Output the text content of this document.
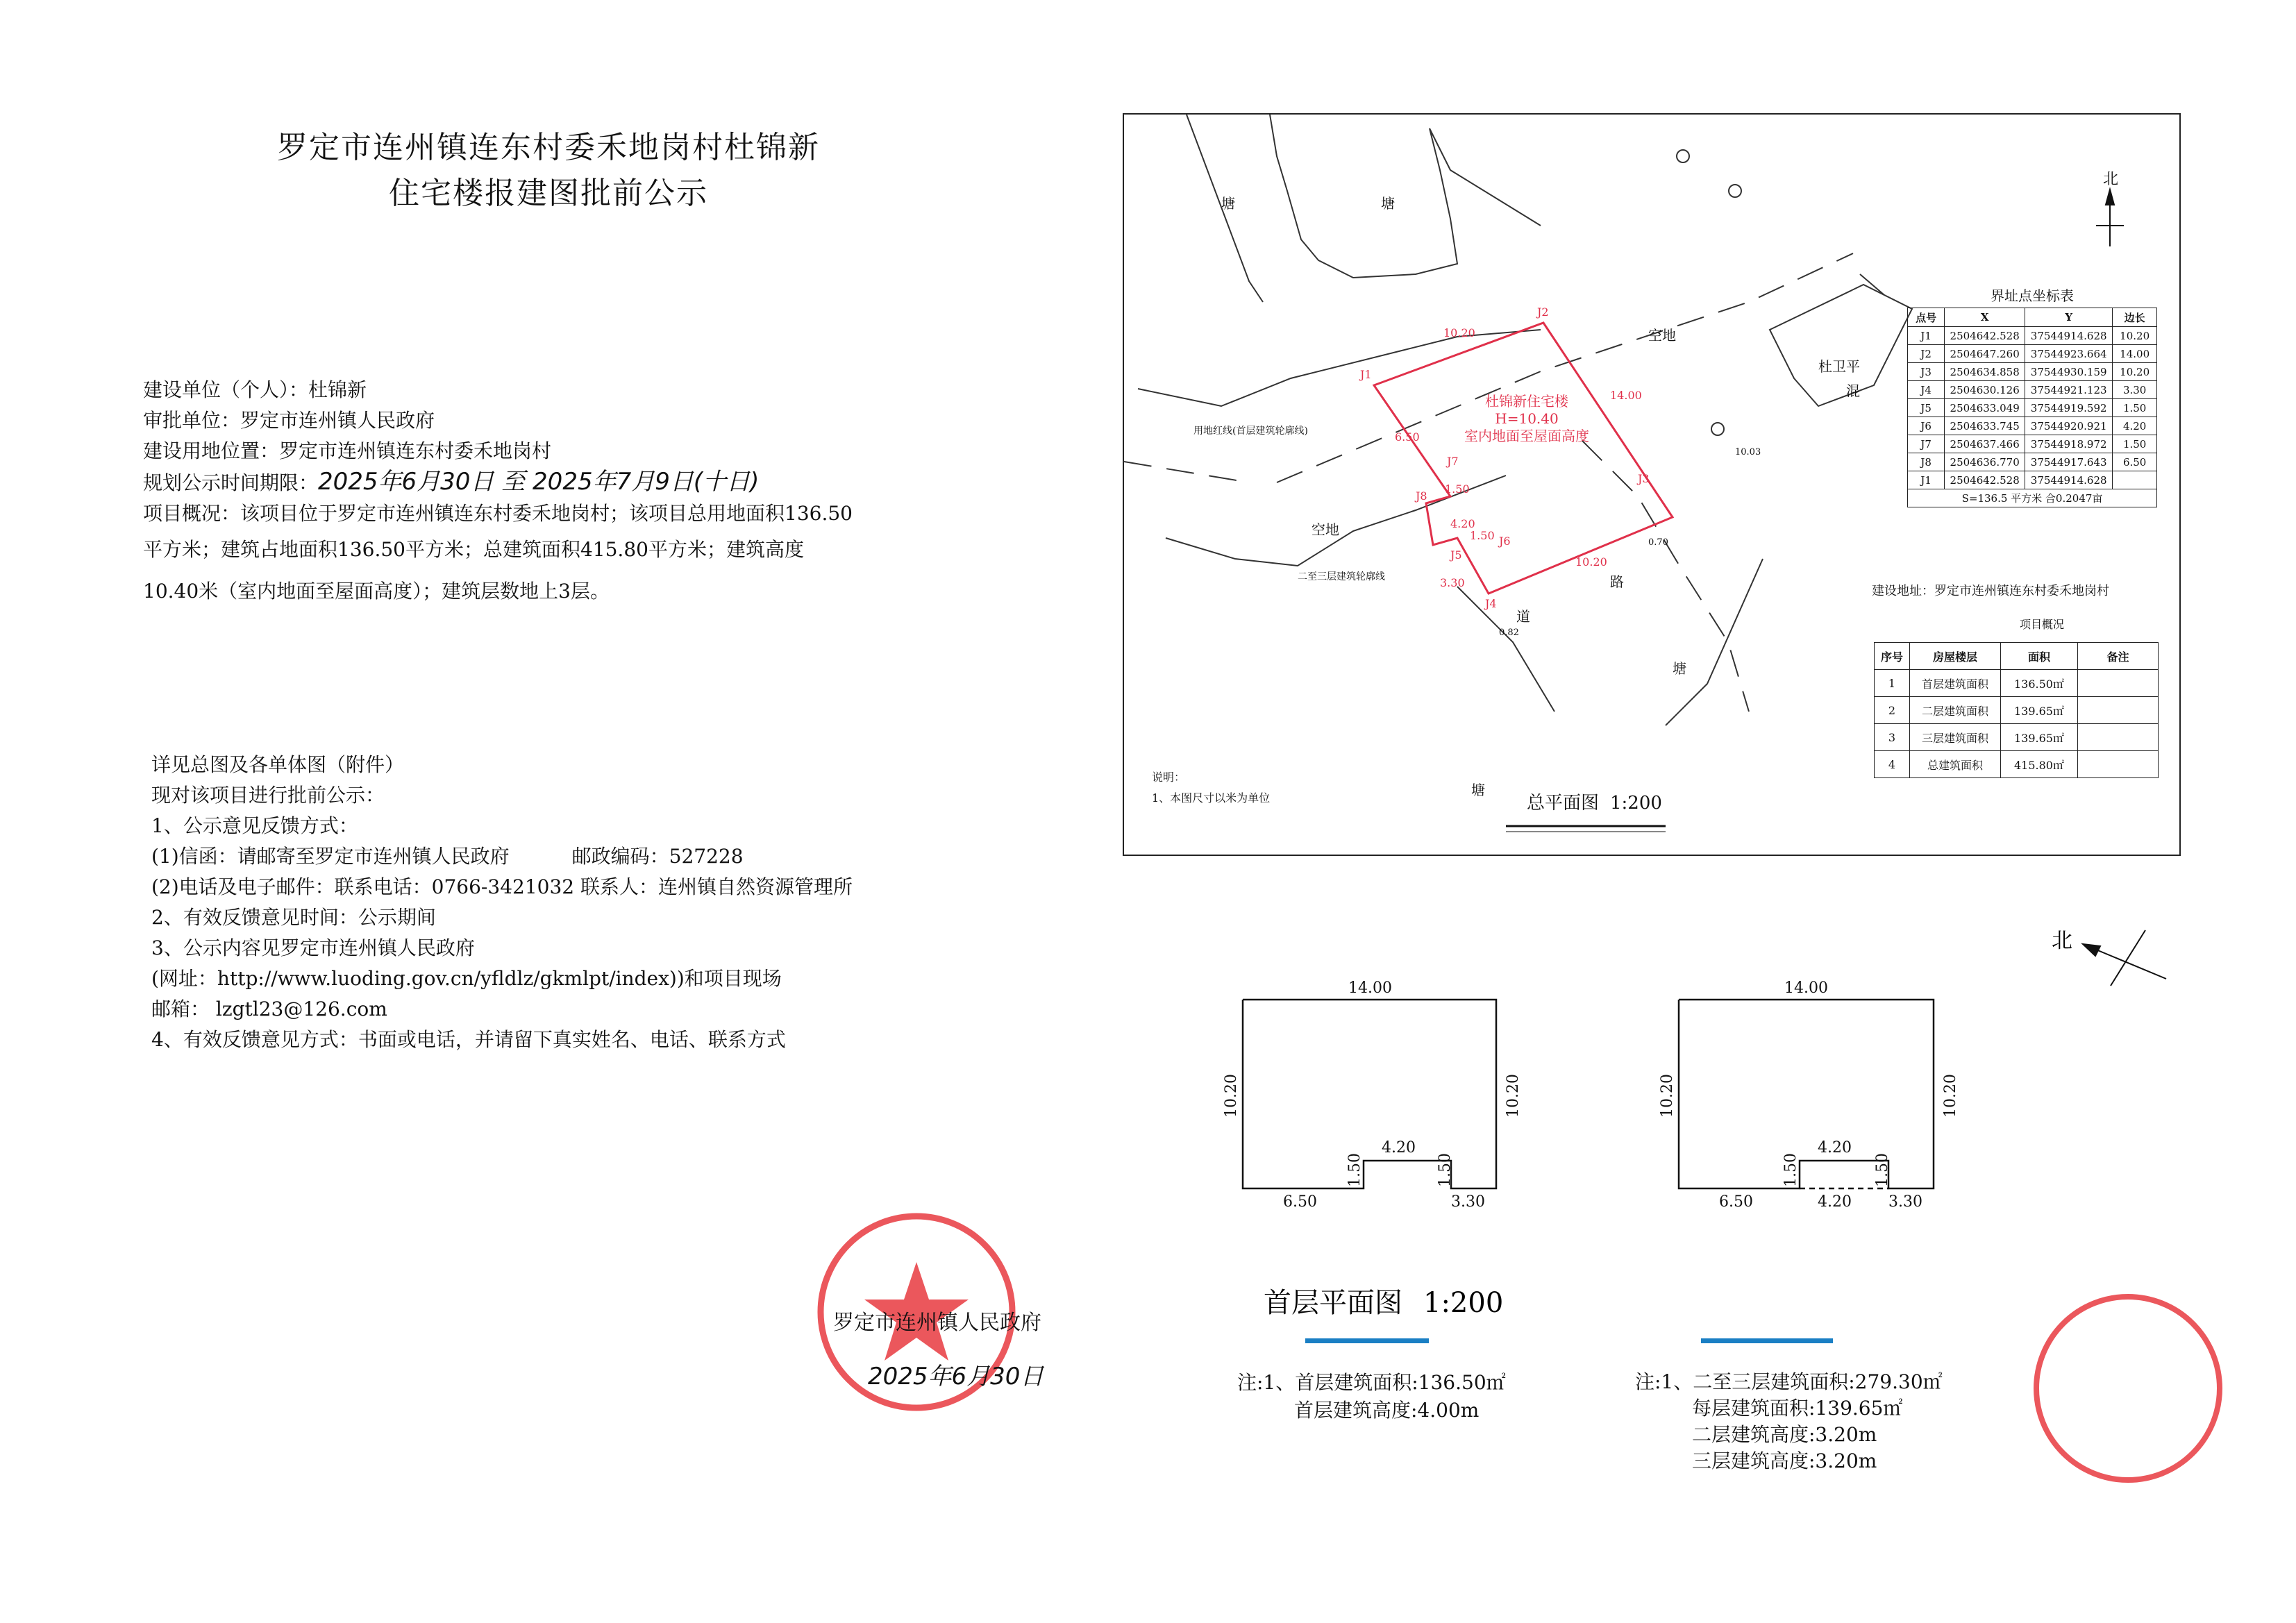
罗定市连州镇连东村委禾地岗村杜锦新
住宅楼报建图批前公示
建设单位（个人）：杜锦新
审批单位：罗定市连州镇人民政府
建设用地位置：罗定市连州镇连东村委禾地岗村
规划公示时间期限：2025年6月30日 至 2025年7月9日(十日)
项目概况：该项目位于罗定市连州镇连东村委禾地岗村；该项目总用地面积136.50
平方米；建筑占地面积136.50平方米；总建筑面积415.80平方米；建筑高度
10.40米（室内地面至屋面高度）；建筑层数地上3层。
详见总图及各单体图（附件）
现对该项目进行批前公示：
1、公示意见反馈方式：
(1)信函：请邮寄至罗定市连州镇人民政府	邮政编码：527228
(2)电话及电子邮件：联系电话：0766-3421032 联系人：连州镇自然资源管理所
2、有效反馈意见时间：公示期间
3、公示内容见罗定市连州镇人民政府
(网址：http://www.luoding.gov.cn/yfldlz/gkmlpt/index))和项目现场
邮箱： lzgtl23@126.com
4、有效反馈意见方式：书面或电话，并请留下真实姓名、电话、联系方式
罗定市连州镇人民政府
2025年6月30日
杜锦新住宅楼
H=10.40
室内地面至屋面高度
塘	塘
塘
塘
空地
空地
杜卫平
混
道
路
用地红线(首层建筑轮廓线)
二至三层建筑轮廓线
北
说明：
1、本图尺寸以米为单位	总平面图 1:200
建设地址：罗定市连州镇连东村委禾地岗村
项目概况
10.20
14.00
10.20
6.50
4.20
1.50
1.50
3.30
J3
J1
J2
J4
J5
J6
J7
J8
0.70
0.82
10.03
界址点坐标表
点号	X	Y	边长
J1	2504642.528	37544914.628	10.20
J2	2504647.260	37544923.664	14.00
J3	2504634.858	37544930.159	10.20
J4	2504630.126	37544921.123	3.30
J5	2504633.049	37544919.592	1.50
J6	2504633.745	37544920.921	4.20
J7	2504637.466	37544918.972	1.50
J8	2504636.770	37544917.643	6.50
J1	2504642.528	37544914.628	
S=136.5 平方米 合0.2047亩			
序号	房屋楼层	面积	备注
1	首层建筑面积	136.50㎡	
2	二层建筑面积	139.65㎡	
3	三层建筑面积	139.65㎡	
4	总建筑面积	415.80㎡	
北
14.00
10.20	10.20
4.20
1.50	1.50
6.50	3.30
14.00
10.20	10.20
4.20
1.50	1.50
6.50	4.20 3.30
首层平面图 1:200
注:1、首层建筑面积:136.50㎡
首层建筑高度:4.00m
注:1、二至三层建筑面积:279.30㎡
每层建筑面积:139.65㎡
二层建筑高度:3.20m
三层建筑高度:3.20m
